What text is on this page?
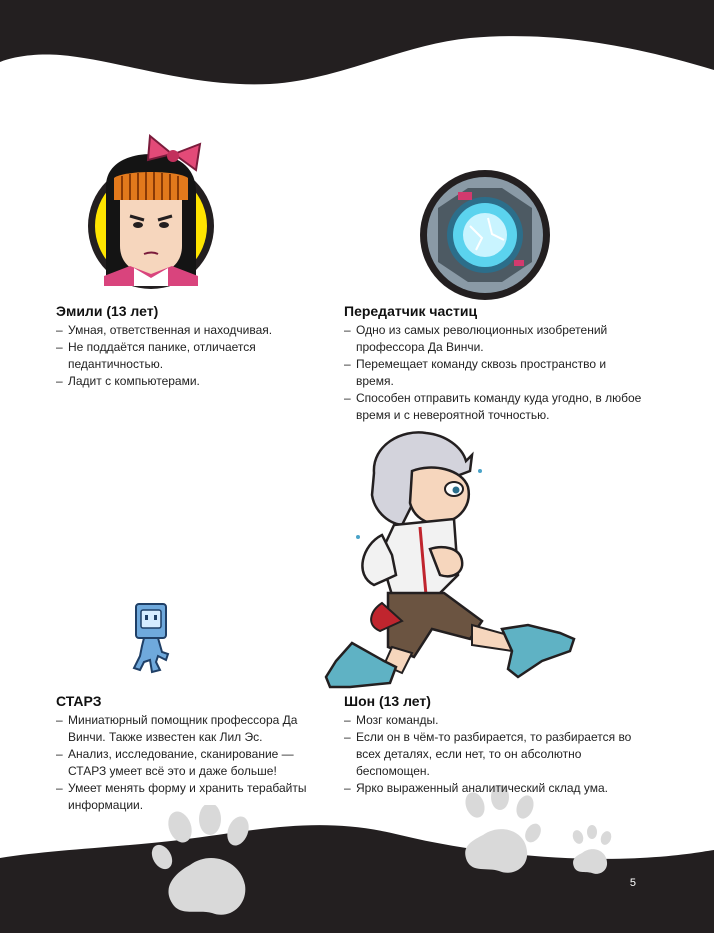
Эмили (13 лет)
– Умная, ответственная и находчивая.
– Не поддаётся панике, отличается педантичностью.
– Ладит с компьютерами.
Передатчик частиц
– Одно из самых революционных изобретений профессора Да Винчи.
– Перемещает команду сквозь пространство и время.
– Способен отправить команду куда угодно, в любое время и с невероятной точностью.
СТАРЗ
– Миниатюрный помощник профессора Да Винчи. Также известен как Лил Эс.
– Анализ, исследование, сканирование — СТАРЗ умеет всё это и даже больше!
– Умеет менять форму и хранить терабайты информации.
Шон (13 лет)
– Мозг команды.
– Если он в чём-то разбирается, то разбирается во всех деталях, если нет, то он абсолютно беспомощен.
– Ярко выраженный аналитический склад ума.
5
